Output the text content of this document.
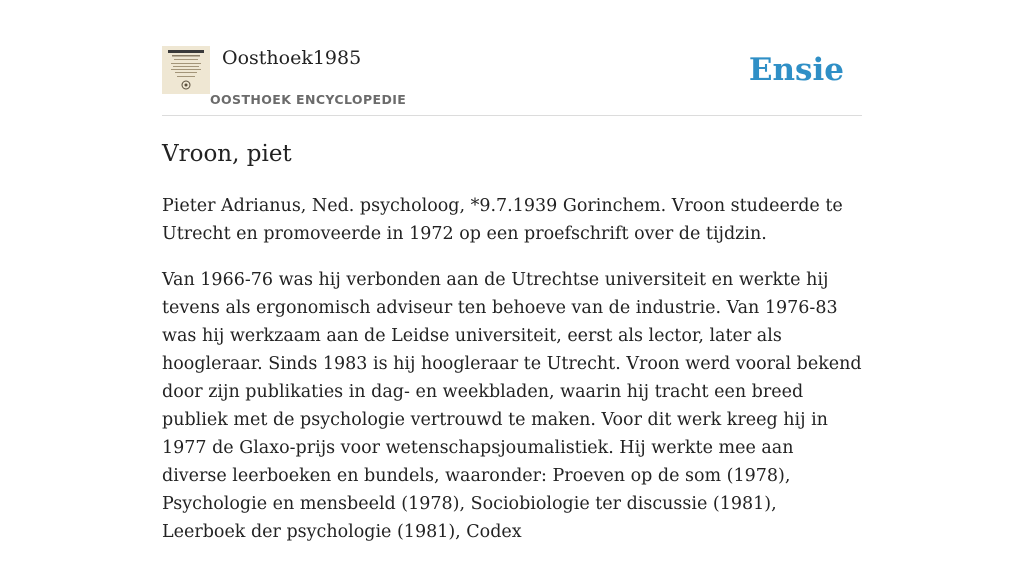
Oosthoek1985
OOSTHOEK ENCYCLOPEDIE
Ensie
Vroon, piet

Pieter Adrianus, Ned. psycholoog, *9.7.1939 Gorinchem. Vroon studeerde te Utrecht en promoveerde in 1972 op een proefschrift over de tijdzin.

Van 1966-76 was hij verbonden aan de Utrechtse universiteit en werkte hij tevens als ergonomisch adviseur ten behoeve van de industrie. Van 1976-83 was hij werkzaam aan de Leidse universiteit, eerst als lector, later als hoogleraar. Sinds 1983 is hij hoogleraar te Utrecht. Vroon werd vooral bekend door zijn publikaties in dag- en weekbladen, waarin hij tracht een breed publiek met de psychologie vertrouwd te maken. Voor dit werk kreeg hij in 1977 de Glaxo-prijs voor wetenschapsjoumalistiek. Hij werkte mee aan diverse leerboeken en bundels, waaronder: Proeven op de som (1978), Psychologie en mensbeeld (1978), Sociobiologie ter discussie (1981), Leerboek der psychologie (1981), Codex
